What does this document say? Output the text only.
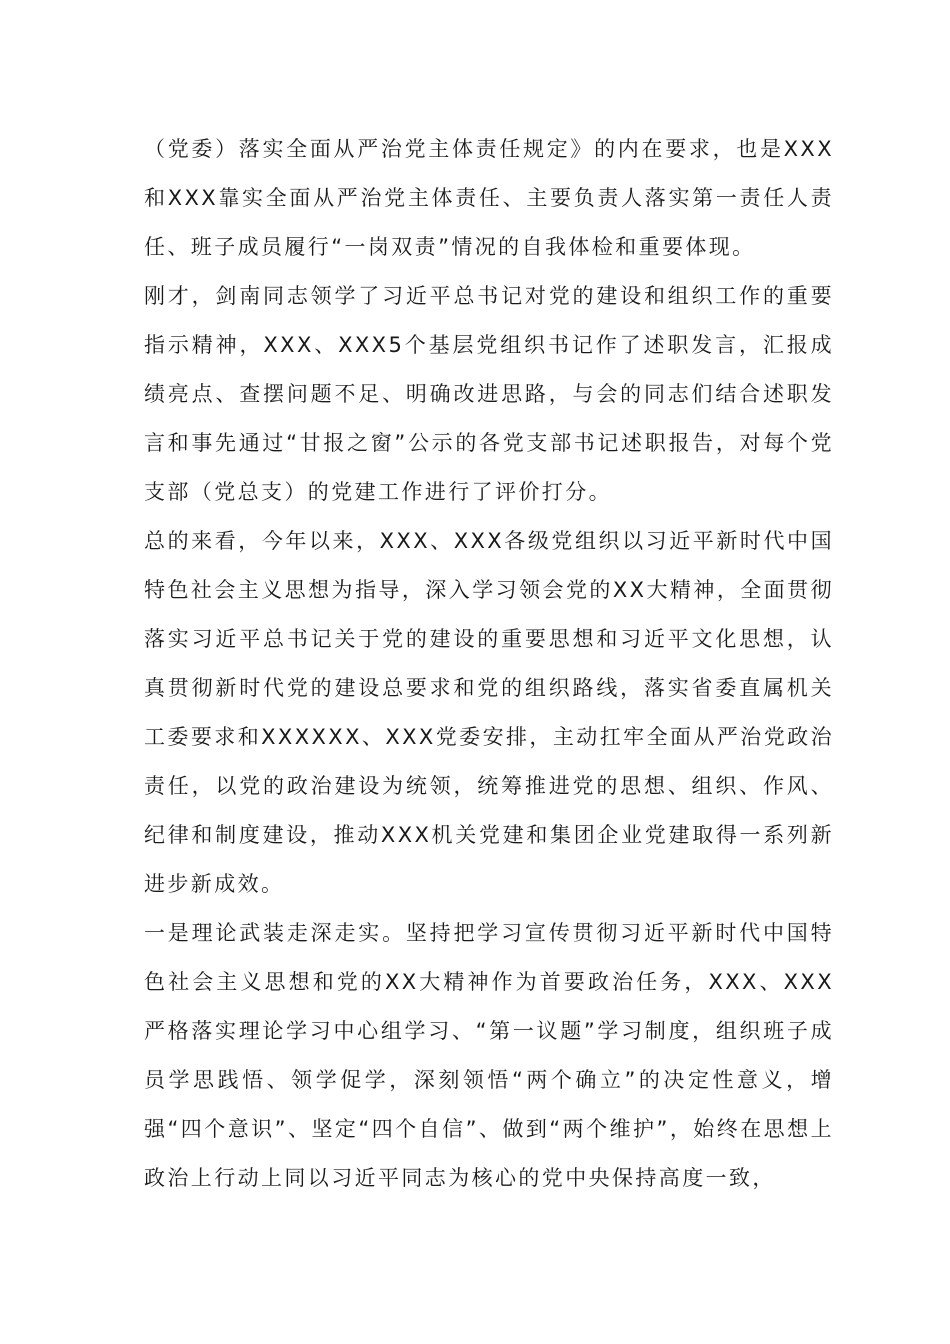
（党委）落实全面从严治党主体责任规定》的内在要求，也是XXX和XXX靠实全面从严治党主体责任、主要负责人落实第一责任人责任、班子成员履行“一岗双责”情况的自我体检和重要体现。

刚才，剑南同志领学了习近平总书记对党的建设和组织工作的重要指示精神，XXX、XXX5个基层党组织书记作了述职发言，汇报成绩亮点、查摆问题不足、明确改进思路，与会的同志们结合述职发言和事先通过“甘报之窗”公示的各党支部书记述职报告，对每个党支部（党总支）的党建工作进行了评价打分。

总的来看，今年以来，XXX、XXX各级党组织以习近平新时代中国特色社会主义思想为指导，深入学习领会党的XX大精神，全面贯彻落实习近平总书记关于党的建设的重要思想和习近平文化思想，认真贯彻新时代党的建设总要求和党的组织路线，落实省委直属机关工委要求和XXXXXX、XXX党委安排，主动扛牢全面从严治党政治责任，以党的政治建设为统领，统筹推进党的思想、组织、作风、纪律和制度建设，推动XXX机关党建和集团企业党建取得一系列新进步新成效。

一是理论武装走深走实。坚持把学习宣传贯彻习近平新时代中国特色社会主义思想和党的XX大精神作为首要政治任务，XXX、XXX严格落实理论学习中心组学习、“第一议题”学习制度，组织班子成员学思践悟、领学促学，深刻领悟“两个确立”的决定性意义，增强“四个意识”、坚定“四个自信”、做到“两个维护”，始终在思想上政治上行动上同以习近平同志为核心的党中央保持高度一致，
